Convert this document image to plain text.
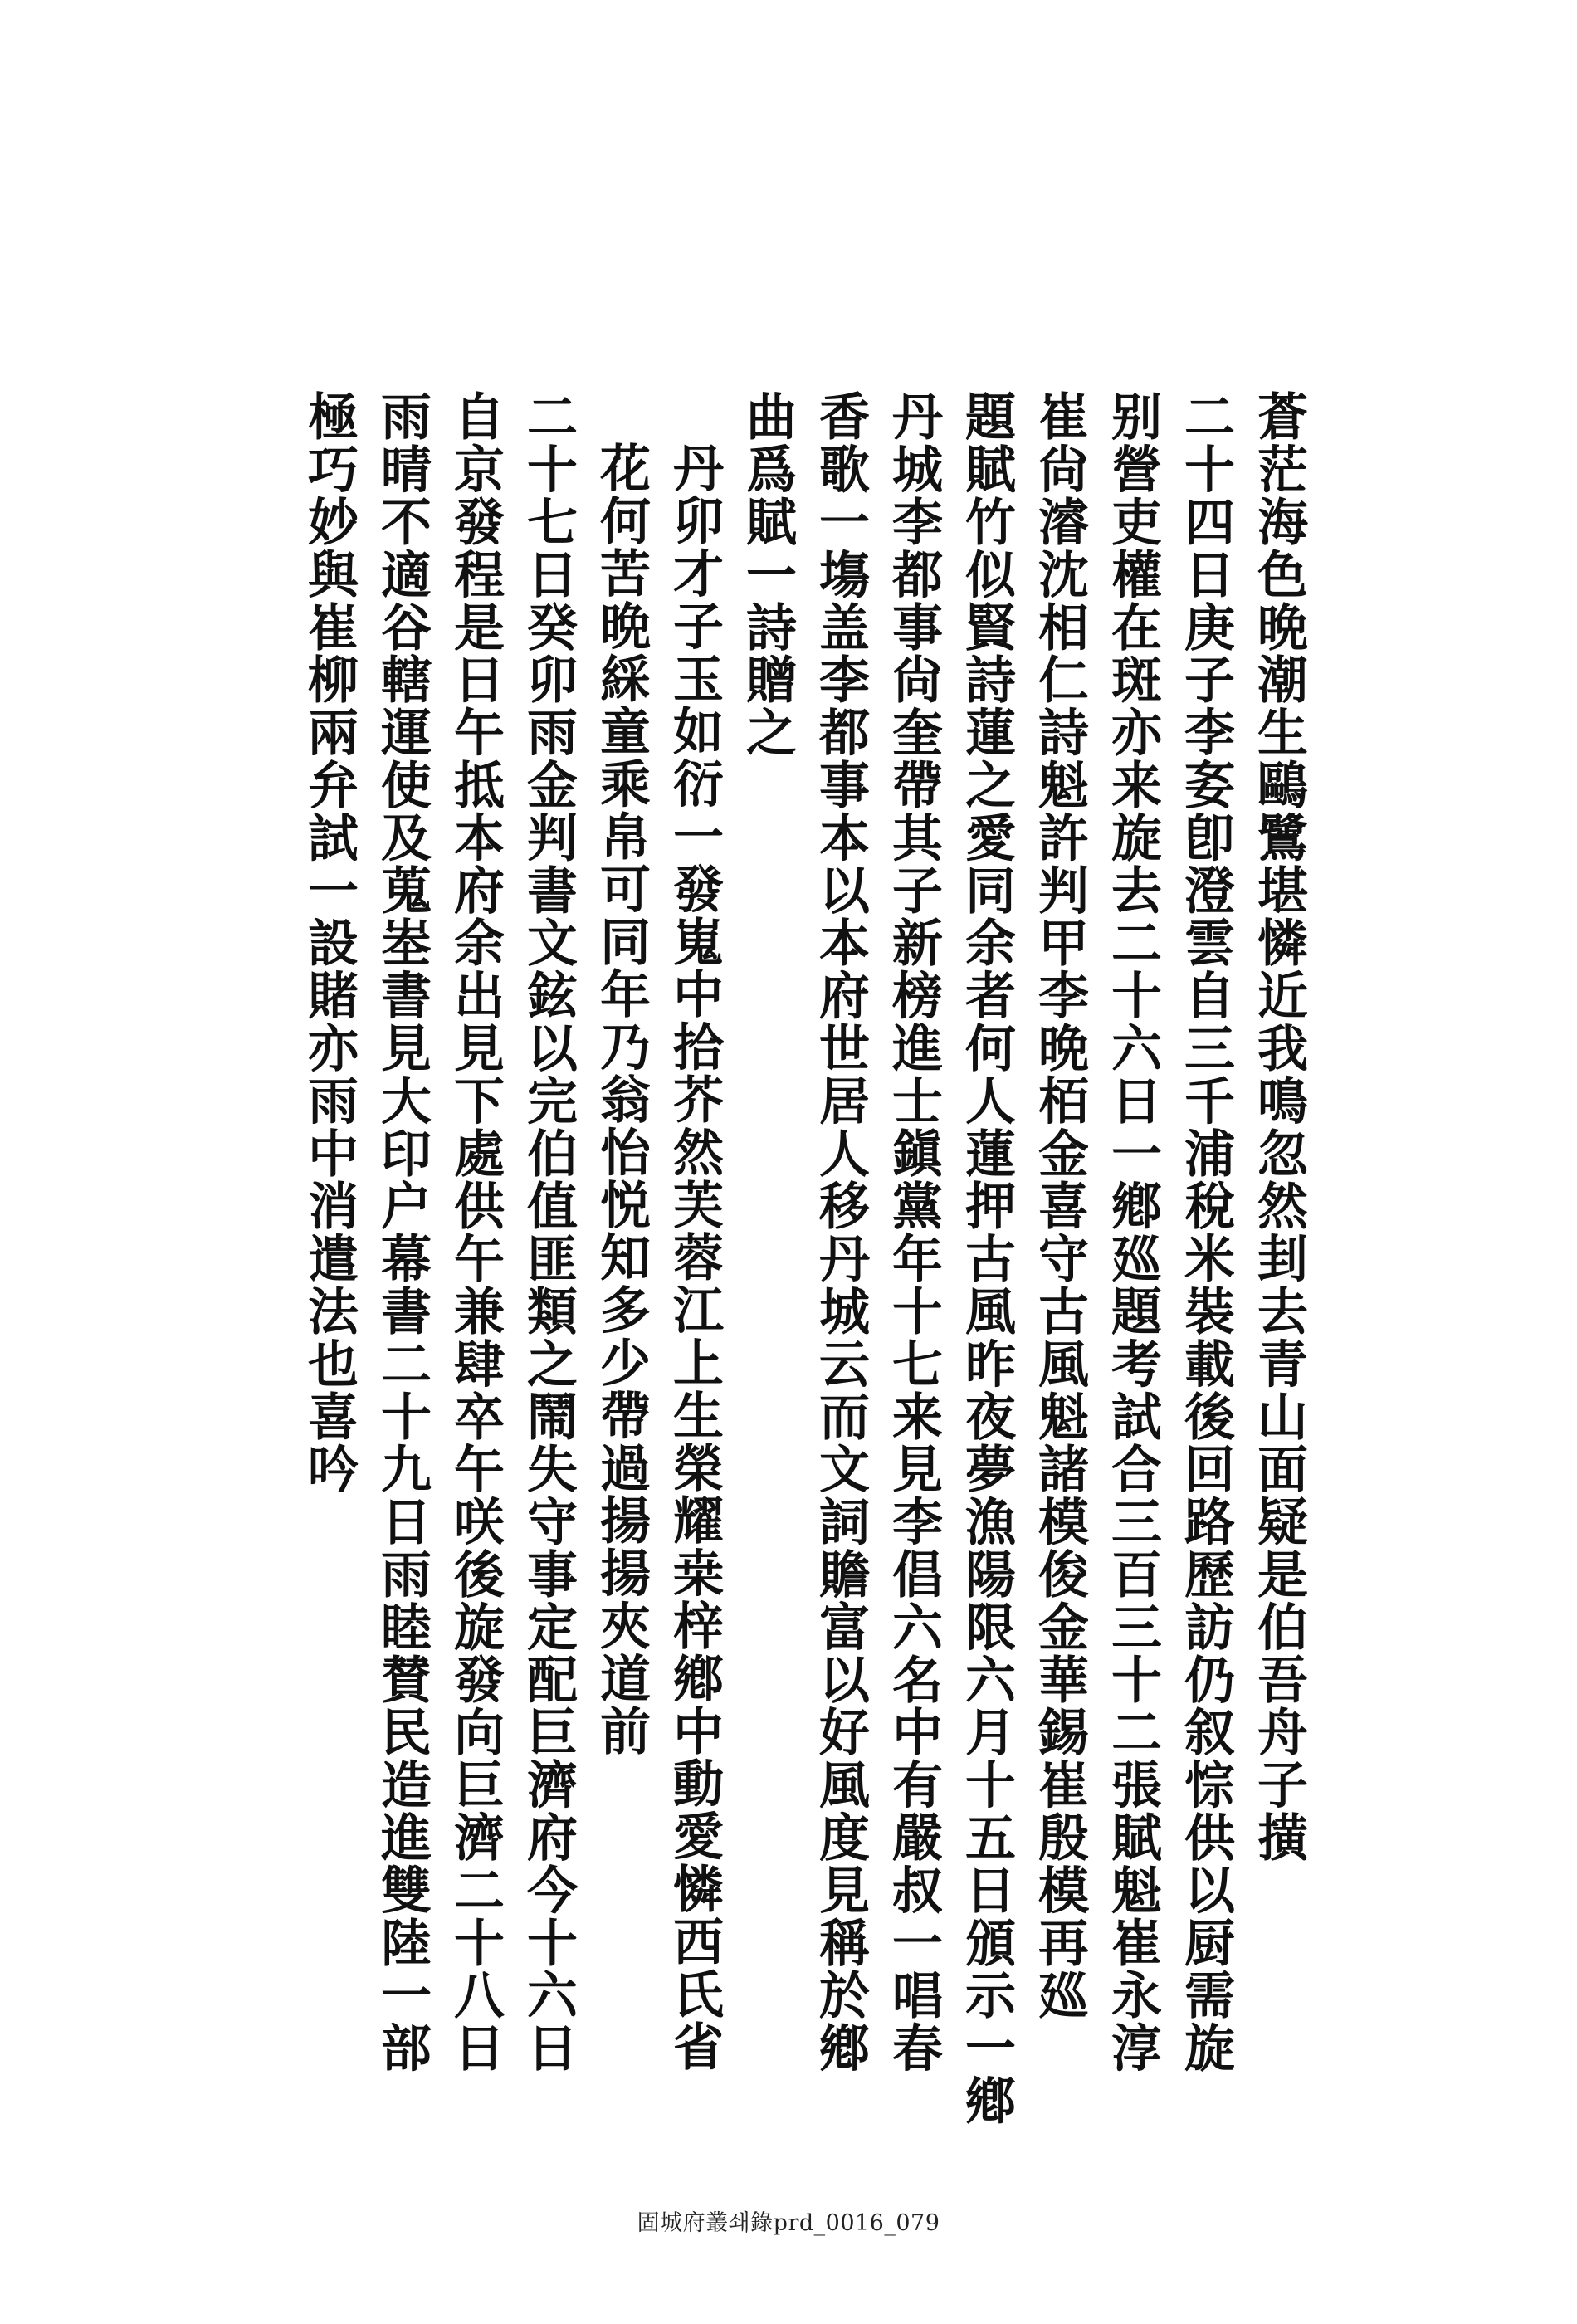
蒼茫海色晩潮生鷗鷺堪憐近我鳴忽然刲去青山面疑是伯吾舟子撗
二十四日庚子李㚣卽澄雲自三千浦稅米裝載後回路歷訪仍叙悰供以厨需旋
别營吏權在斑亦来旋去二十六日一鄕廵題考試合三百三十二張賦魁崔永淳
崔尙濬沈相仁詩魁許判甲李晩栢金喜守古風魁諸模俊金華錫崔殷模再廵
題賦竹似賢詩蓮之愛同余者何人蓮押古風昨夜夢漁陽限六月十五日頒示一鄕
丹城李都事尙奎帶其子新榜進士鎭黨年十七来見李倡六名中有嚴叔一唱春
香歌一塲盖李都事本以本府世居人移丹城云而文詞贍富以好風度見稱於鄕
曲爲賦一詩贈之
丹卯才子玉如衍一發嵬中拾芥然芙蓉江上生榮耀桒梓鄕中動愛憐西氏省
花何苦晩綵童乘帛可同年乃翁怡悦知多少帶過揚揚夾道前
二十七日癸卯雨金判書文鉉以完伯值匪類之鬧失守事定配巨濟府今十六日
自京發程是日午抵本府余出見下處供午兼肆卒午咲後旋發向巨濟二十八日
雨晴不適谷轄運使及蒐峚書見大印户幕書二十九日雨睦賛民造進雙陸一部
極巧妙與崔柳兩弁試一設賭亦雨中消遣法也喜吟
固城府叢쇄錄prd_0016_079
